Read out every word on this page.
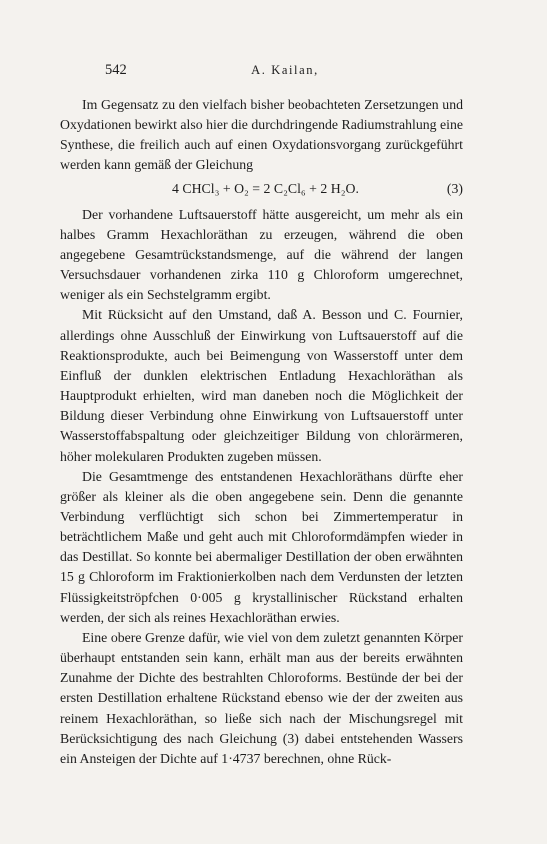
542	A. Kailan,

Im Gegensatz zu den vielfach bisher beobachteten Zersetzungen und Oxydationen bewirkt also hier die durchdringende Radiumstrahlung eine Synthese, die freilich auch auf einen Oxydationsvorgang zurückgeführt werden kann gemäß der Gleichung

4 CHCl₃ + O₂ = 2 C₂Cl₆ + 2 H₂O.	(3)

Der vorhandene Luftsauerstoff hätte ausgereicht, um mehr als ein halbes Gramm Hexachloräthan zu erzeugen, während die oben angegebene Gesamtrückstandsmenge, auf die während der langen Versuchsdauer vorhandenen zirka 110 g Chloroform umgerechnet, weniger als ein Sechstelgramm ergibt.

Mit Rücksicht auf den Umstand, daß A. Besson und C. Fournier, allerdings ohne Ausschluß der Einwirkung von Luftsauerstoff auf die Reaktionsprodukte, auch bei Beimengung von Wasserstoff unter dem Einfluß der dunklen elektrischen Entladung Hexachloräthan als Hauptprodukt erhielten, wird man daneben noch die Möglichkeit der Bildung dieser Verbindung ohne Einwirkung von Luftsauerstoff unter Wasserstoffabspaltung oder gleichzeitiger Bildung von chlorärmeren, höher molekularen Produkten zugeben müssen.

Die Gesamtmenge des entstandenen Hexachloräthans dürfte eher größer als kleiner als die oben angegebene sein. Denn die genannte Verbindung verflüchtigt sich schon bei Zimmertemperatur in beträchtlichem Maße und geht auch mit Chloroformdämpfen wieder in das Destillat. So konnte bei abermaliger Destillation der oben erwähnten 15 g Chloroform im Fraktionierkolben nach dem Verdunsten der letzten Flüssigkeitströpfchen 0·005 g krystallinischer Rückstand erhalten werden, der sich als reines Hexachloräthan erwies.

Eine obere Grenze dafür, wie viel von dem zuletzt genannten Körper überhaupt entstanden sein kann, erhält man aus der bereits erwähnten Zunahme der Dichte des bestrahlten Chloroforms. Bestünde der bei der ersten Destillation erhaltene Rückstand ebenso wie der der zweiten aus reinem Hexachloräthan, so ließe sich nach der Mischungsregel mit Berücksichtigung des nach Gleichung (3) dabei entstehenden Wassers ein Ansteigen der Dichte auf 1·4737 berechnen, ohne Rück-
